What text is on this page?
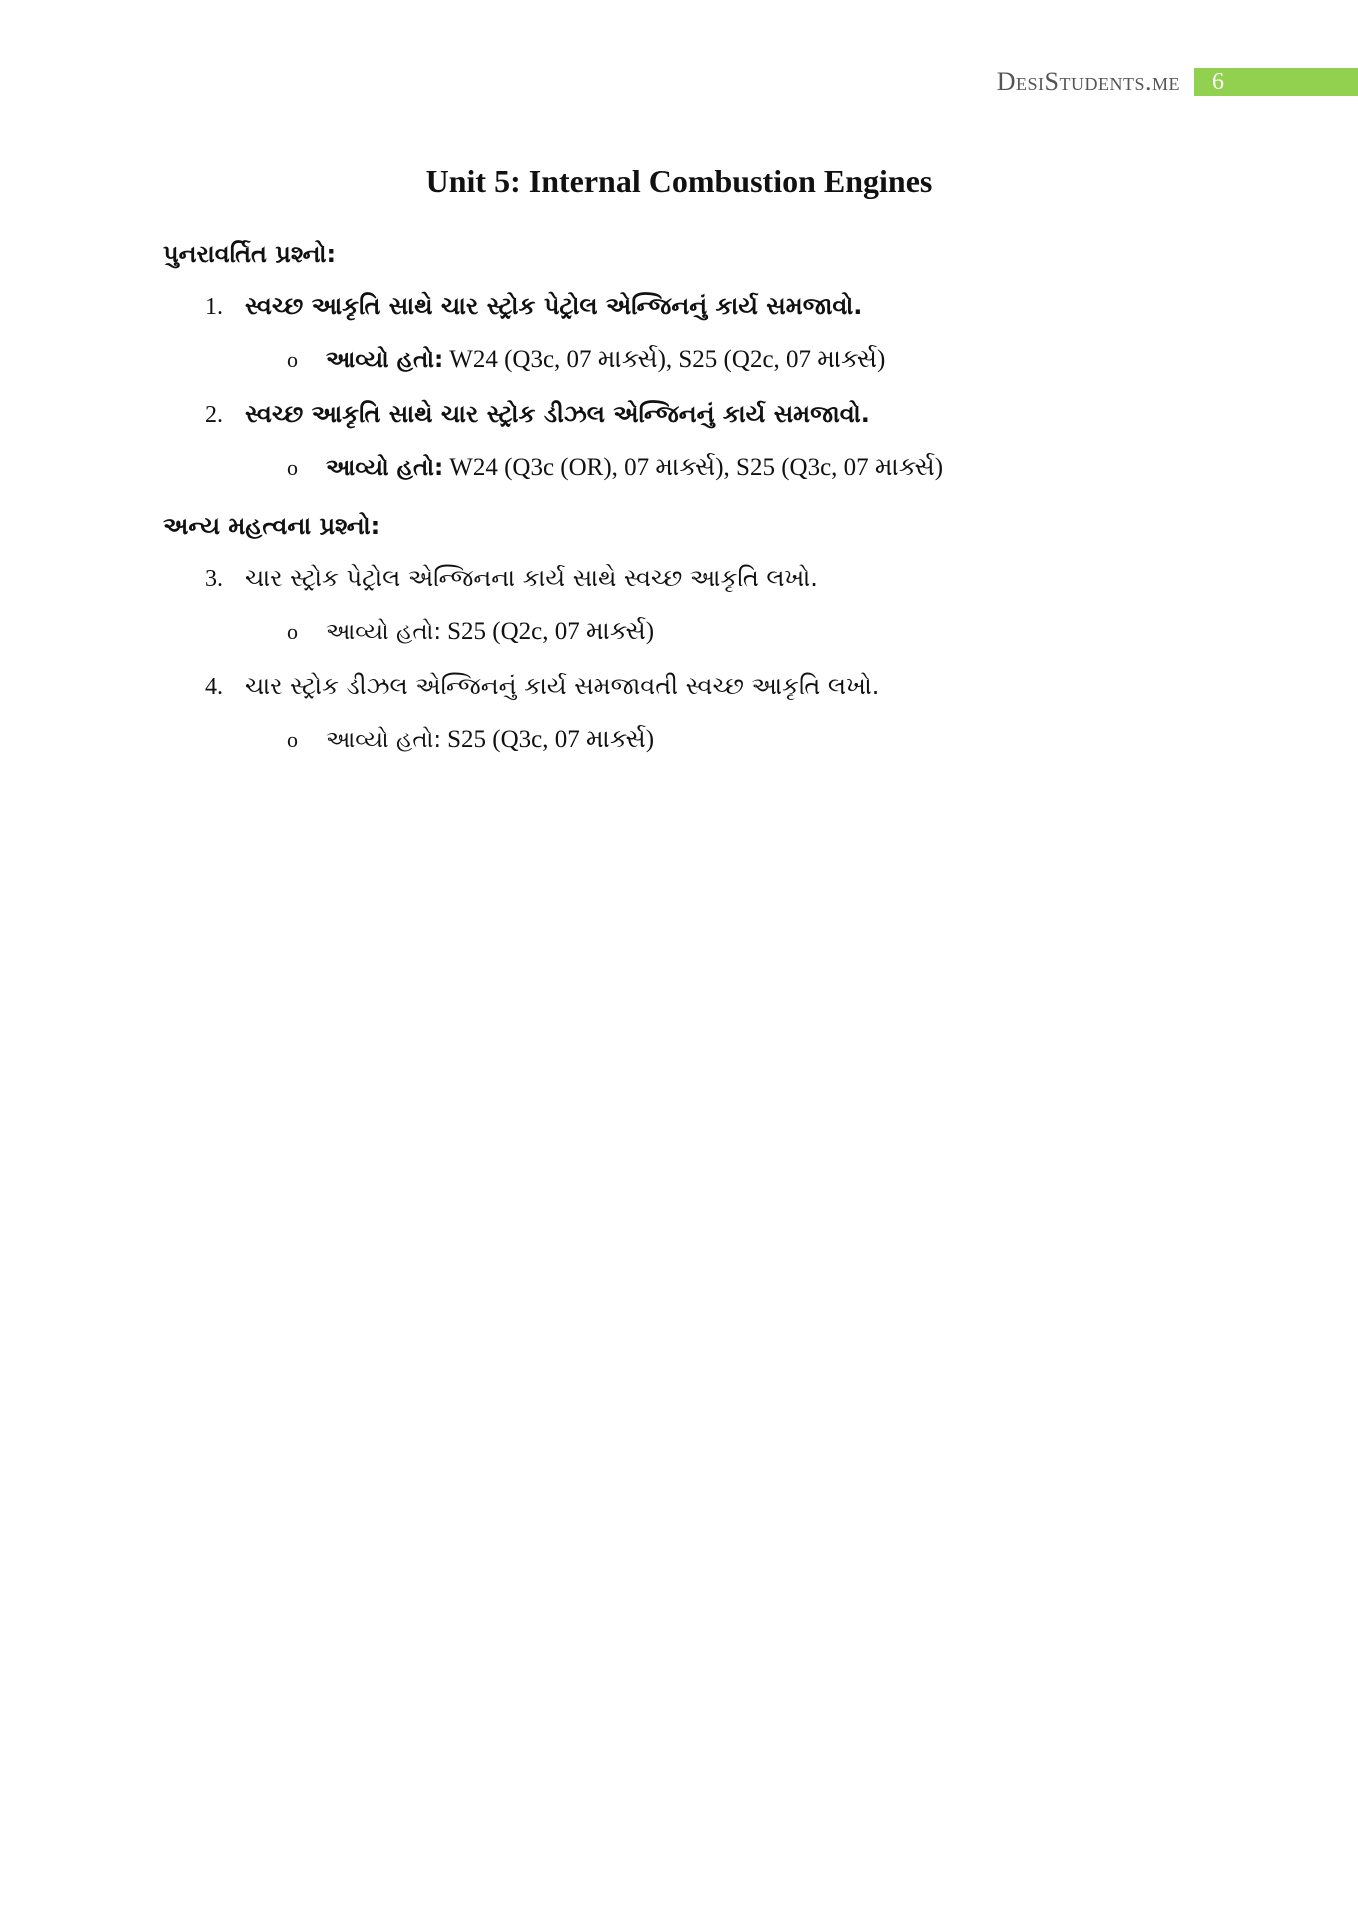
DesiStudents.me	6
Unit 5: Internal Combustion Engines
પુનરાવર્તિત પ્રશ્નો:
1. સ્વચ્છ આકૃતિ સાથે ચાર સ્ટ્રોક પેટ્રોલ એન્જિનનું કાર્ય સમજાવો.
o આવ્યો હતો: W24 (Q3c, 07 માર્ક્સ), S25 (Q2c, 07 માર્ક્સ)
2. સ્વચ્છ આકૃતિ સાથે ચાર સ્ટ્રોક ડીઝલ એન્જિનનું કાર્ય સમજાવો.
o આવ્યો હતો: W24 (Q3c (OR), 07 માર્ક્સ), S25 (Q3c, 07 માર્ક્સ)
અન્ય મહત્વના પ્રશ્નો:
3. ચાર સ્ટ્રોક પેટ્રોલ એન્જિનના કાર્ય સાથે સ્વચ્છ આકૃતિ લખો.
o આવ્યો હતો: S25 (Q2c, 07 માર્ક્સ)
4. ચાર સ્ટ્રોક ડીઝલ એન્જિનનું કાર્ય સમજાવતી સ્વચ્છ આકૃતિ લખો.
o આવ્યો હતો: S25 (Q3c, 07 માર્ક્સ)
